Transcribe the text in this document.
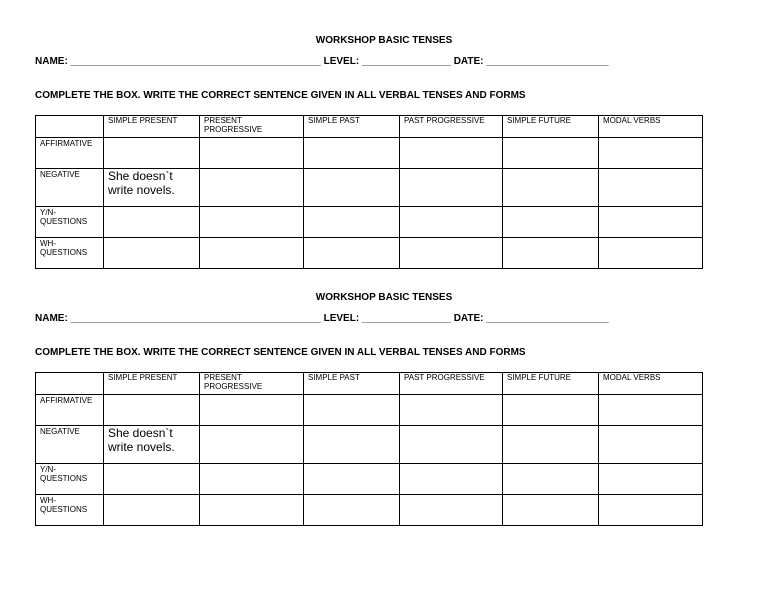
WORKSHOP BASIC TENSES
NAME: _____________________________________________ LEVEL: ________________ DATE: ______________________
COMPLETE THE BOX. WRITE THE CORRECT SENTENCE GIVEN IN ALL VERBAL TENSES AND FORMS
	SIMPLE PRESENT	PRESENT PROGRESSIVE	SIMPLE PAST	PAST PROGRESSIVE	SIMPLE FUTURE	MODAL VERBS
AFFIRMATIVE						
NEGATIVE	She doesn`t write novels.					
Y/N- QUESTIONS						
WH- QUESTIONS						
WORKSHOP BASIC TENSES
NAME: _____________________________________________ LEVEL: ________________ DATE: ______________________
COMPLETE THE BOX. WRITE THE CORRECT SENTENCE GIVEN IN ALL VERBAL TENSES AND FORMS
	SIMPLE PRESENT	PRESENT PROGRESSIVE	SIMPLE PAST	PAST PROGRESSIVE	SIMPLE FUTURE	MODAL VERBS
AFFIRMATIVE						
NEGATIVE	She doesn`t write novels.					
Y/N- QUESTIONS						
WH- QUESTIONS						
